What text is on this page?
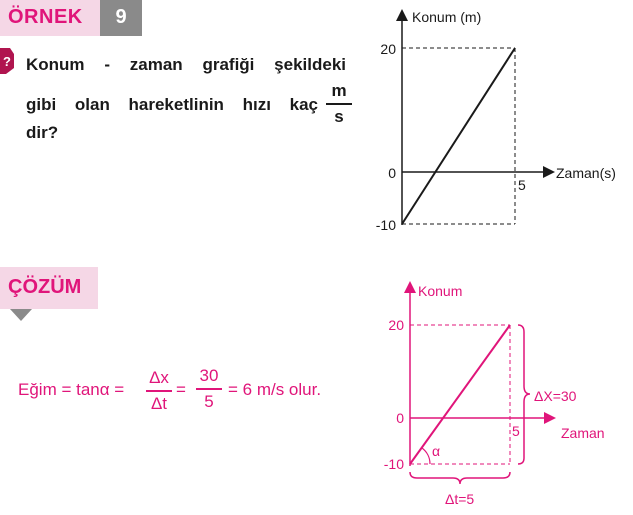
ÖRNEK	9
? Konum - zaman grafiği şekildeki
gibi olan hareketlinin hızı kaç
dir?
m
s
Konum (m)
Zaman(s)
20
0
-10
5
ÇÖZÜM
Eğim = tanα =
Δx
Δt
=
30
5
= 6 m/s olur.
α
ΔX=30
Δt=5
Konum
Zaman
20
0
-10
5
